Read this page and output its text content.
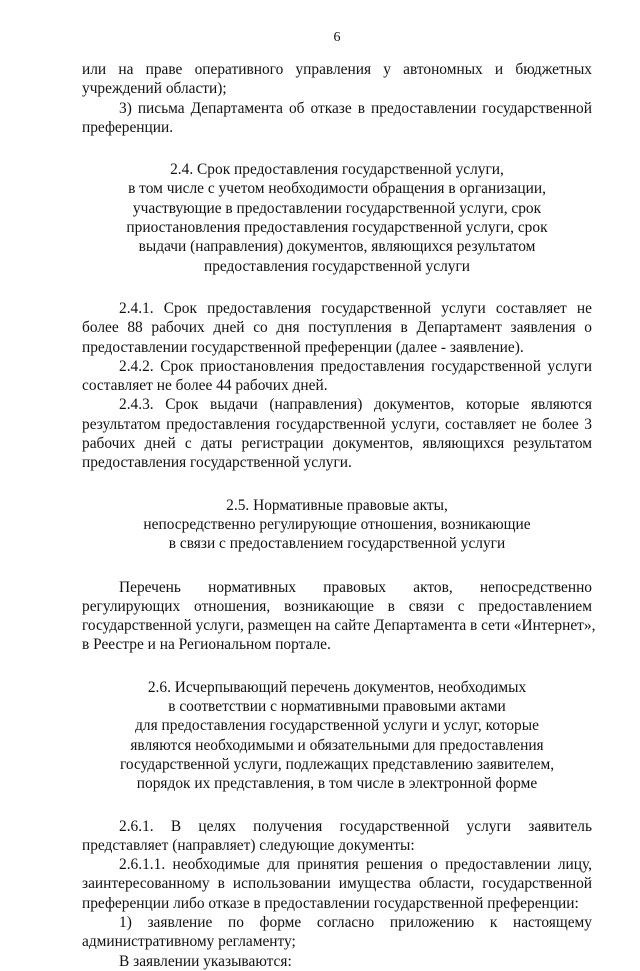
6

или на праве оперативного управления у автономных и бюджетных
учреждений области);

3) письма Департамента об отказе в предоставлении государственной
преференции.

2.4. Срок предоставления государственной услуги,
в том числе с учетом необходимости обращения в организации,
участвующие в предоставлении государственной услуги, срок
приостановления предоставления государственной услуги, срок
выдачи (направления) документов, являющихся результатом
предоставления государственной услуги

2.4.1. Срок предоставления государственной услуги составляет не
более 88 рабочих дней со дня поступления в Департамент заявления о
предоставлении государственной преференции (далее - заявление).

2.4.2. Срок приостановления предоставления государственной услуги
составляет не более 44 рабочих дней.

2.4.3. Срок выдачи (направления) документов, которые являются
результатом предоставления государственной услуги, составляет не более 3
рабочих дней с даты регистрации документов, являющихся результатом
предоставления государственной услуги.

2.5. Нормативные правовые акты,
непосредственно регулирующие отношения, возникающие
в связи с предоставлением государственной услуги

Перечень нормативных правовых актов, непосредственно
регулирующих отношения, возникающие в связи с предоставлением
государственной услуги, размещен на сайте Департамента в сети «Интернет»,
в Реестре и на Региональном портале.

2.6. Исчерпывающий перечень документов, необходимых
в соответствии с нормативными правовыми актами
для предоставления государственной услуги и услуг, которые
являются необходимыми и обязательными для предоставления
государственной услуги, подлежащих представлению заявителем,
порядок их представления, в том числе в электронной форме

2.6.1. В целях получения государственной услуги заявитель
представляет (направляет) следующие документы:

2.6.1.1. необходимые для принятия решения о предоставлении лицу,
заинтересованному в использовании имущества области, государственной
преференции либо отказе в предоставлении государственной преференции:

1) заявление по форме согласно приложению к настоящему
административному регламенту;

В заявлении указываются:
